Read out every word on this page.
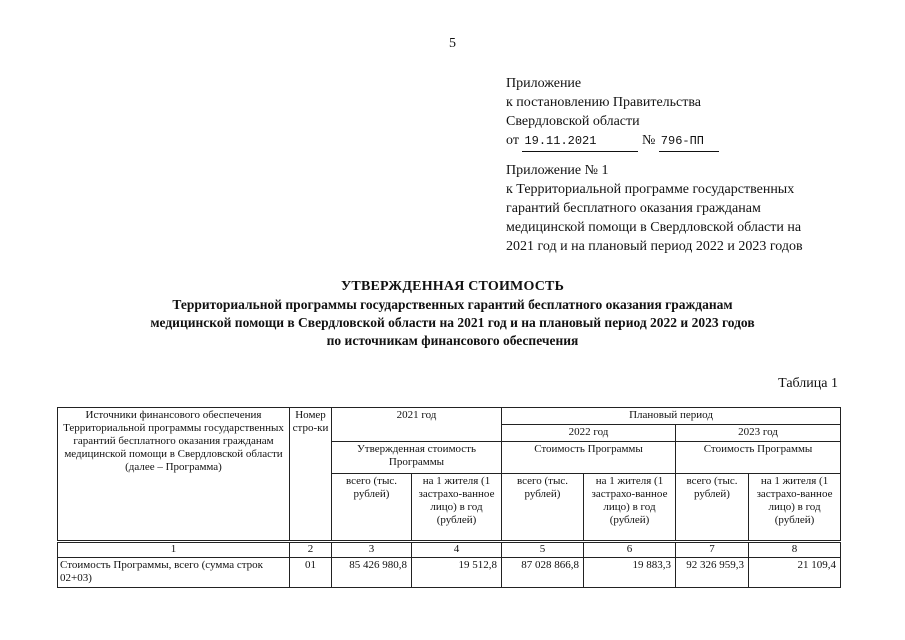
5
Приложение
к постановлению Правительства
Свердловской области
от 19.11.2021	№ 796-ПП
Приложение № 1
к Территориальной программе государственных
гарантий бесплатного оказания гражданам
медицинской помощи в Свердловской области на
2021 год и на плановый период 2022 и 2023 годов
УТВЕРЖДЕННАЯ СТОИМОСТЬ
Территориальной программы государственных гарантий бесплатного оказания гражданам
медицинской помощи в Свердловской области на 2021 год и на плановый период 2022 и 2023 годов
по источникам финансового обеспечения
Таблица 1
Источники финансового обеспечения Территориальной программы государственных гарантий бесплатного оказания гражданам медицинской помощи в Свердловской области (далее – Программа)	Номер стро-ки	2021 год		Плановый период			
				2022 год		2023 год	
		Утвержденная стоимость Программы		Стоимость Программы		Стоимость Программы	
		всего (тыс. рублей)	на 1 жителя (1 застрахо-ванное лицо) в год (рублей)	всего (тыс. рублей)	на 1 жителя (1 застрахо-ванное лицо) в год (рублей)	всего (тыс. рублей)	на 1 жителя (1 застрахо-ванное лицо) в год (рублей)
1	2	3	4	5	6	7	8
Стоимость Программы, всего (сумма строк 02+03)	01	85 426 980,8	19 512,8	87 028 866,8	19 883,3	92 326 959,3	21 109,4
